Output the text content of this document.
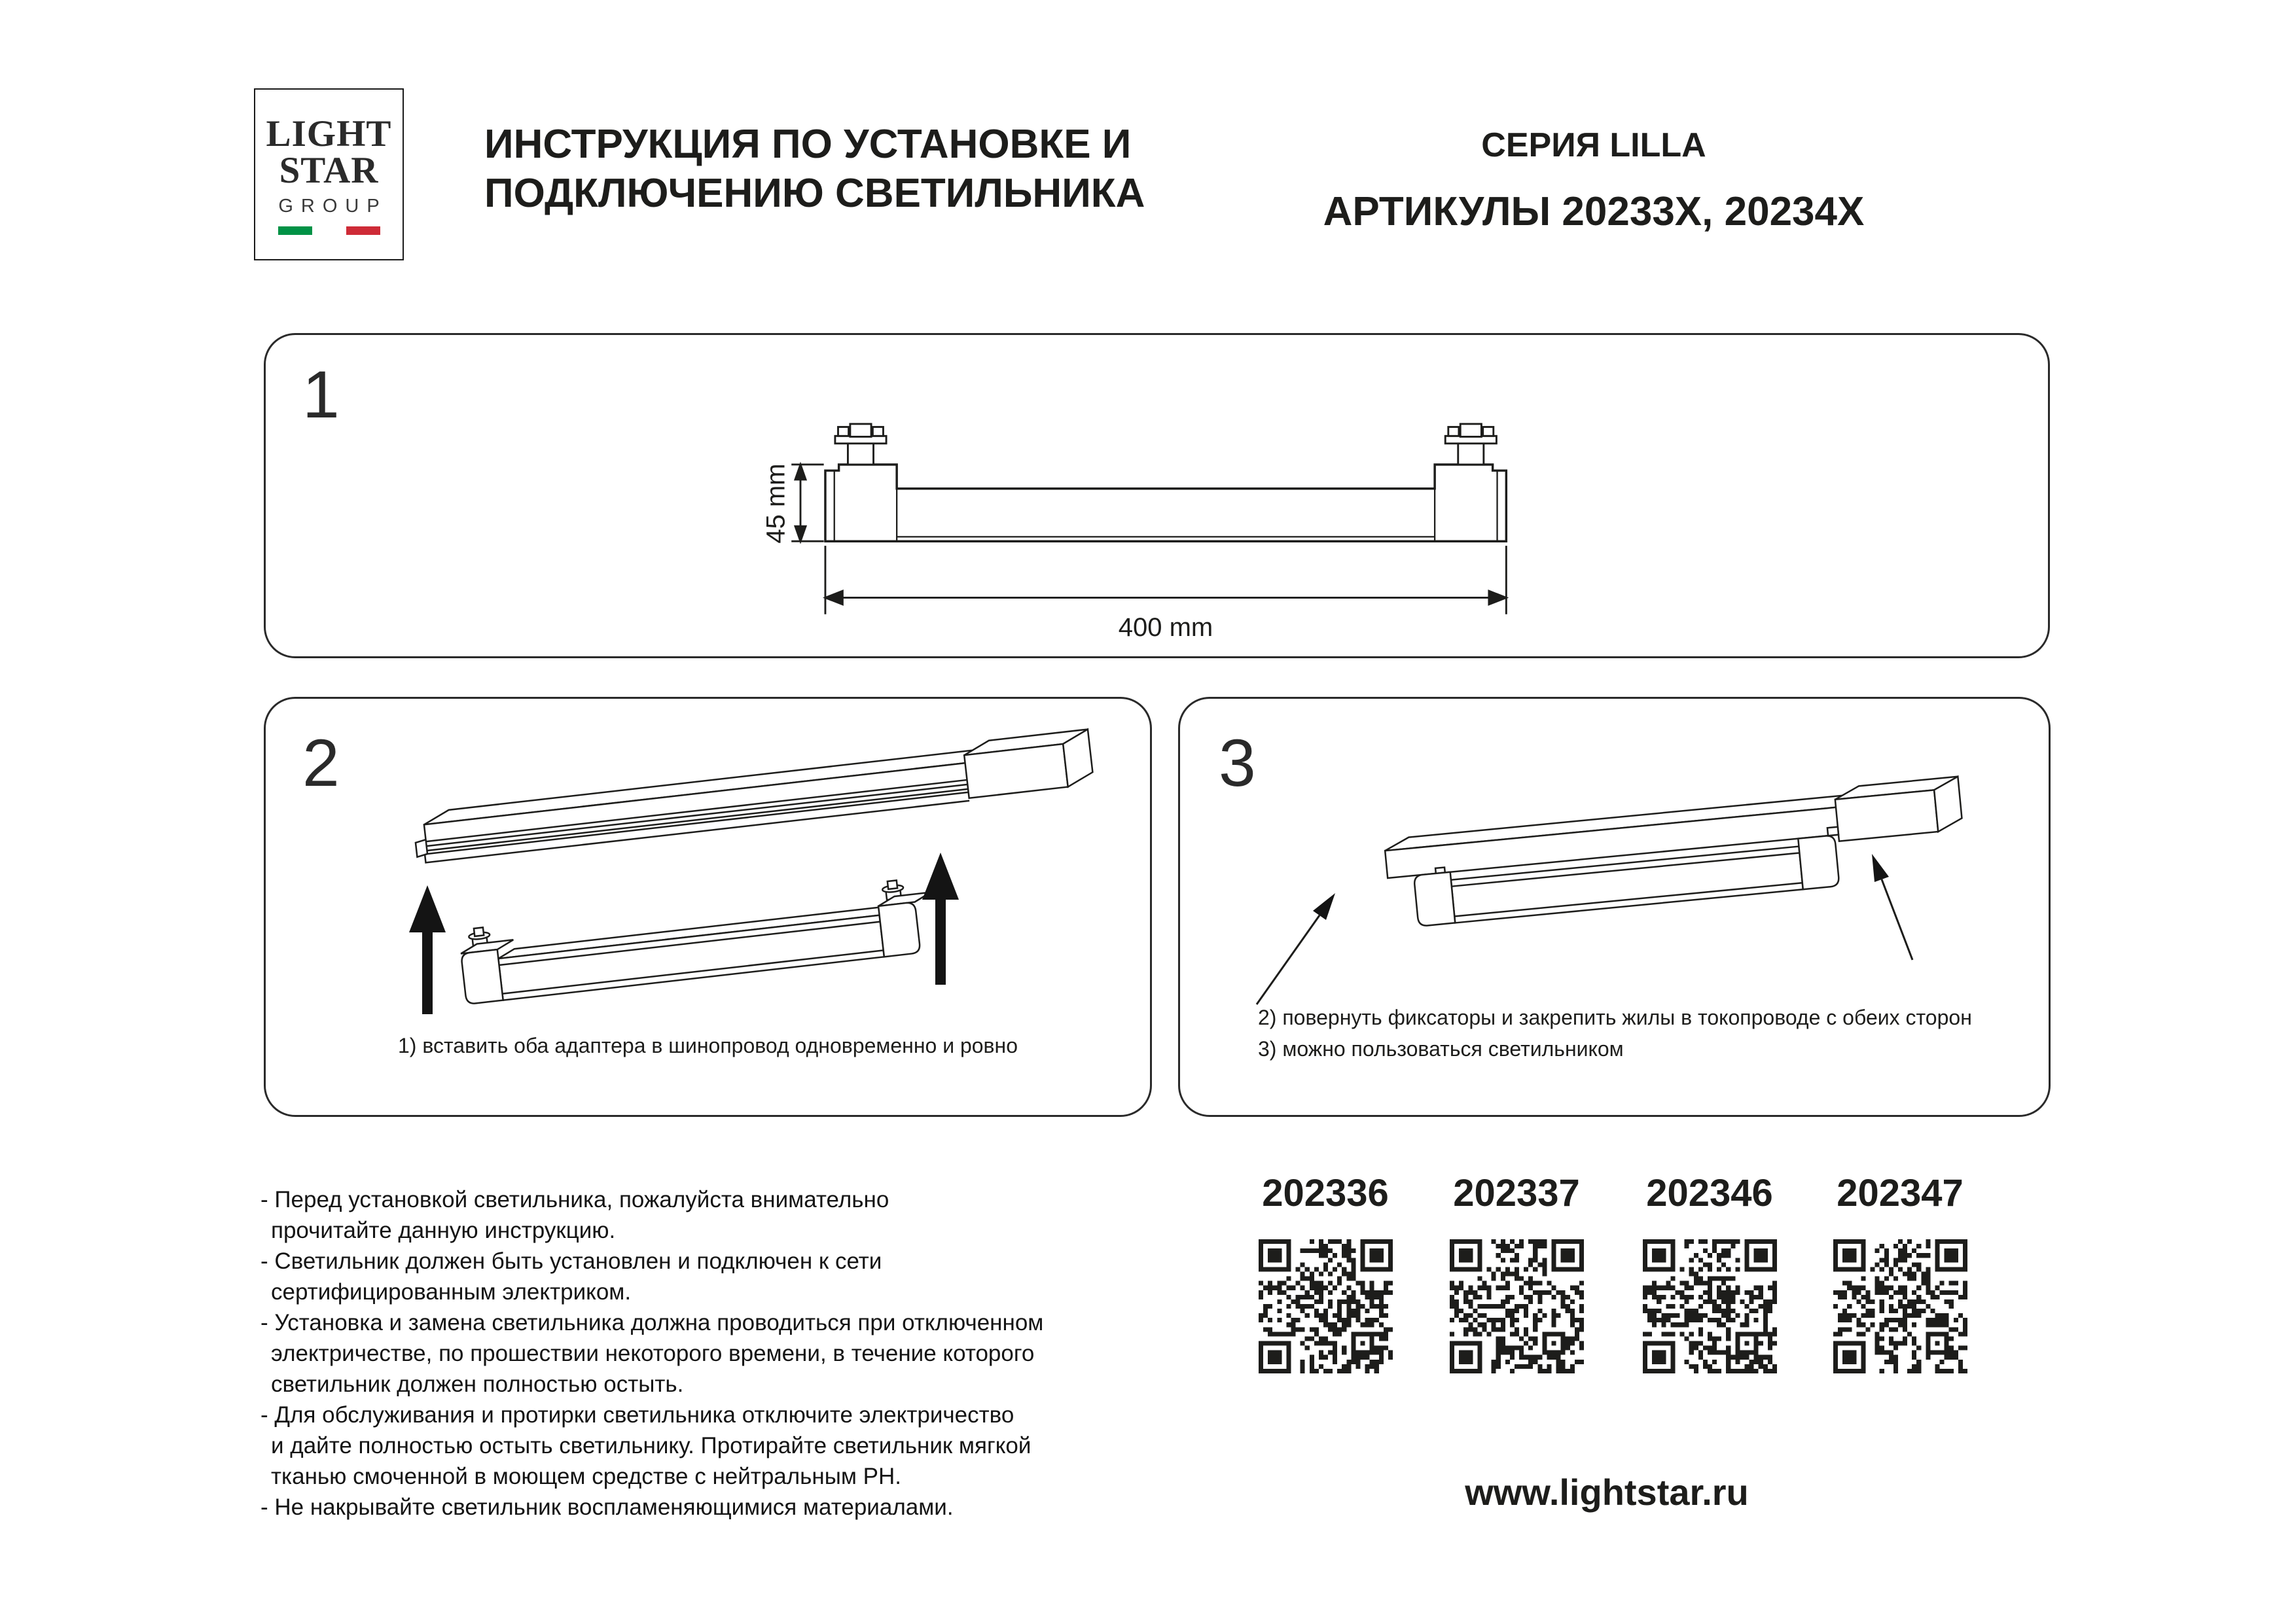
LIGHT
STAR
GROUP
ИНСТРУКЦИЯ ПО УСТАНОВКЕ И
ПОДКЛЮЧЕНИЮ СВЕТИЛЬНИКА
СЕРИЯ LILLA
АРТИКУЛЫ 20233X, 20234X
1
45 mm
400 mm
2
1) вставить оба адаптера в шинопровод одновременно и ровно
3
2) повернуть фиксаторы и закрепить жилы в токопроводе с обеих сторон
3) можно пользоваться светильником
- Перед установкой светильника, пожалуйста внимательно
прочитайте данную инструкцию.
- Светильник должен быть установлен и подключен к сети
сертифицированным электриком.
- Установка и замена светильника должна проводиться при отключенном
электричестве, по прошествии некоторого времени, в течение которого
светильник должен полностью остыть.
- Для обслуживания и протирки светильника отключите электричество
и дайте полностью остыть светильнику. Протирайте светильник мягкой
тканью смоченной в моющем средстве с нейтральным PH.
- Не накрывайте светильник воспламеняющимися материалами.
202336	202337	202346	202347
www.lightstar.ru
